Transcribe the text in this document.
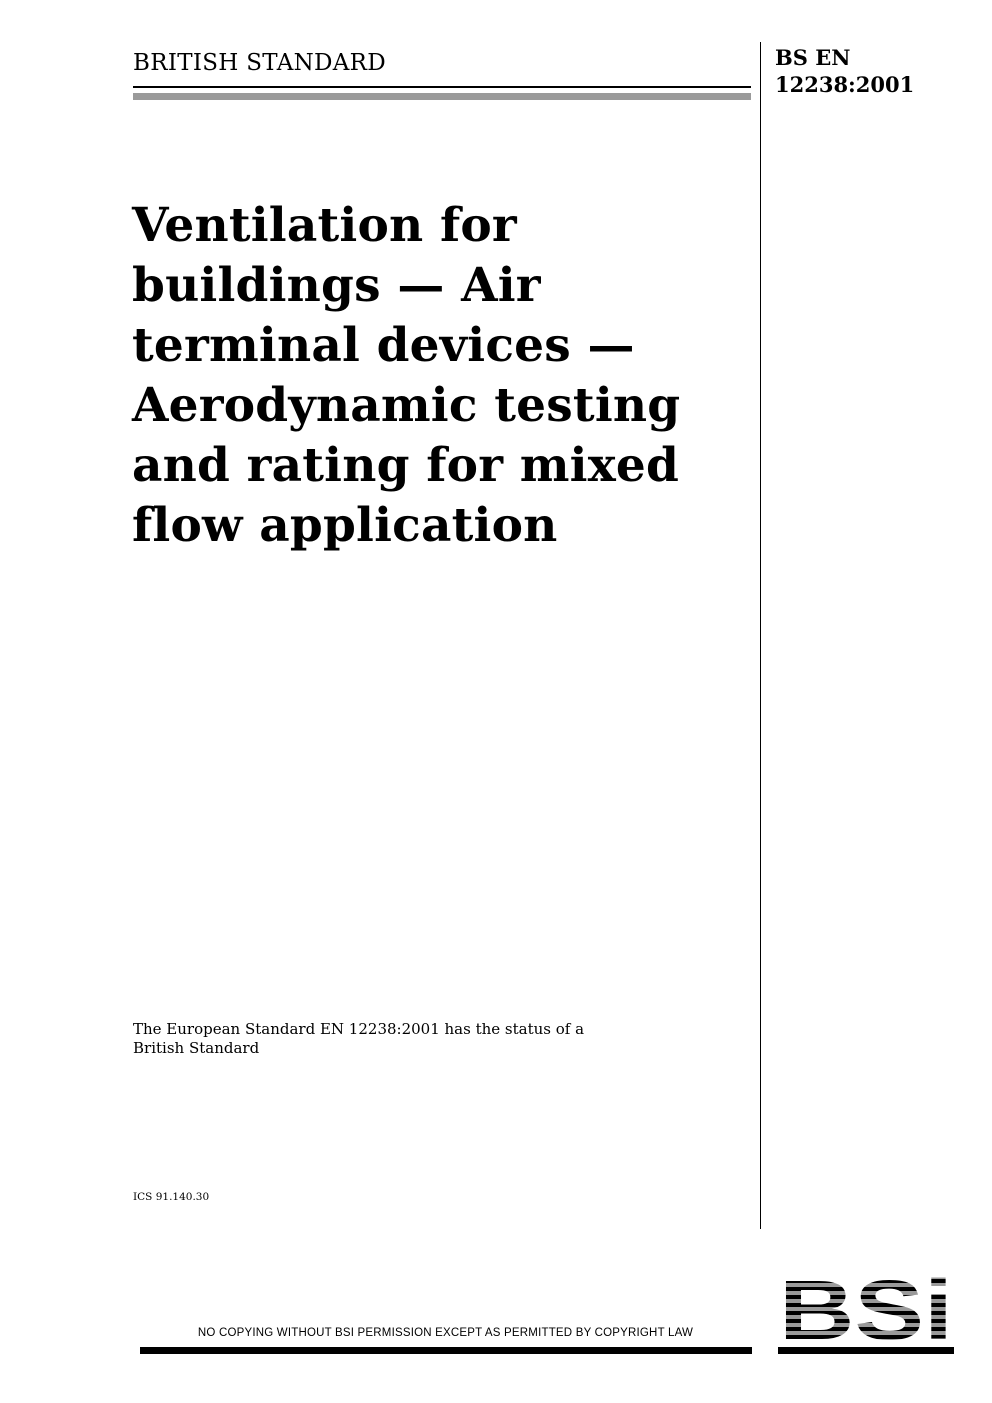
BRITISH STANDARD	BS EN
12238:2001
Ventilation for
buildings — Air
terminal devices —
Aerodynamic testing
and rating for mixed
flow application
The European Standard EN 12238:2001 has the status of a
British Standard
ICS 91.140.30
BSi
NO COPYING WITHOUT BSI PERMISSION EXCEPT AS PERMITTED BY COPYRIGHT LAW
